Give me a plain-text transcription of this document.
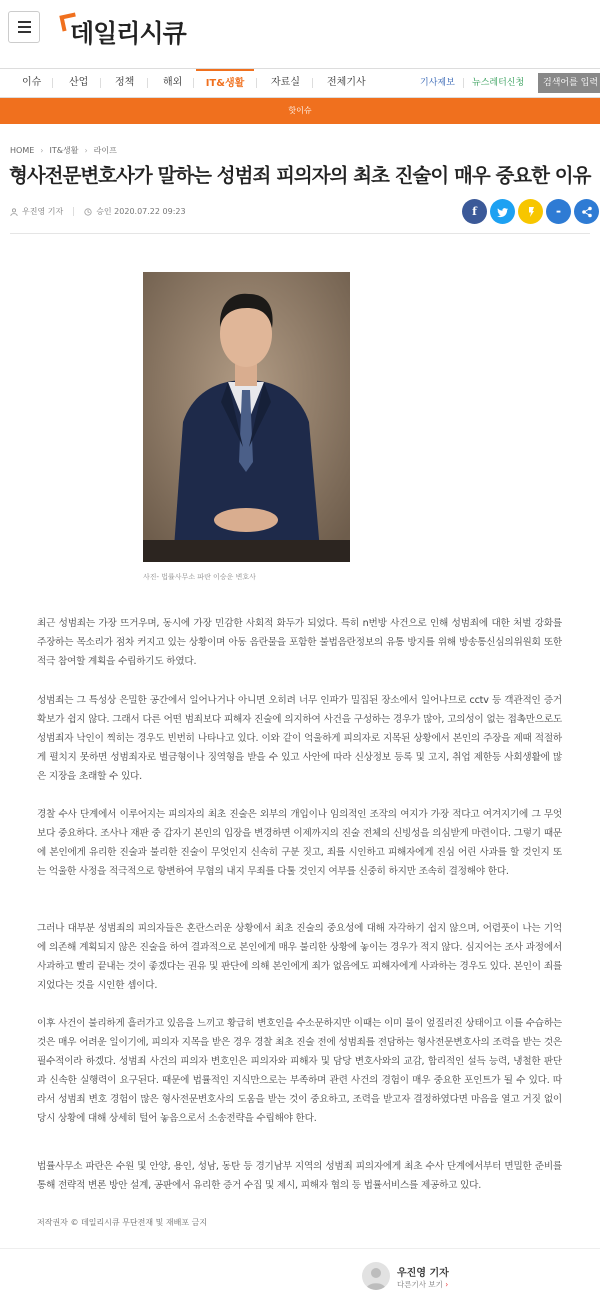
데일리시큐
이슈	산업	정책	해외	IT&생활	자료실	전체기사	기사제보 뉴스레터신청	검색어를 입력
핫이슈
HOME › IT&생활 › 라이프
형사전문변호사가 말하는 성범죄 피의자의 최초 진술이 매우 중요한 이유
우진영 기자	승인 2020.07.22 09:23	f	▬
사진- 법률사무소 파란 이승운 변호사

최근 성범죄는 가장 뜨거우며, 동시에 가장 민감한 사회적 화두가 되었다. 특히 n번방 사건으로 인해 성범죄에 대한 처벌 강화를 주장하는 목소리가 점차 커지고 있는 상황이며 아동 음란물을 포함한 불법음란정보의 유통 방지를 위해 방송통신심의위원회 또한 적극 참여할 계획을 수립하기도 하였다.

성범죄는 그 특성상 은밀한 공간에서 일어나거나 아니면 오히려 너무 인파가 밀집된 장소에서 일어나므로 cctv 등 객관적인 증거 확보가 쉽지 않다. 그래서 다른 어떤 범죄보다 피해자 진술에 의지하여 사건을 구성하는 경우가 많아, 고의성이 없는 접촉만으로도 성범죄자 낙인이 찍히는 경우도 빈번히 나타나고 있다. 이와 같이 억울하게 피의자로 지목된 상황에서 본인의 주장을 제때 적절하게 펼치지 못하면 성범죄자로 벌금형이나 징역형을 받을 수 있고 사안에 따라 신상정보 등록 및 고지, 취업 제한등 사회생활에 많은 지장을 초래할 수 있다.

경찰 수사 단계에서 이루어지는 피의자의 최초 진술은 외부의 개입이나 임의적인 조작의 여지가 가장 적다고 여겨지기에 그 무엇보다 중요하다. 조사나 재판 중 갑자기 본인의 입장을 변경하면 이제까지의 진술 전체의 신빙성을 의심받게 마련이다. 그렇기 때문에 본인에게 유리한 진술과 불리한 진술이 무엇인지 신속히 구분 짓고, 죄를 시인하고 피해자에게 진심 어린 사과를 할 것인지 또는 억울한 사정을 적극적으로 항변하여 무혐의 내지 무죄를 다툴 것인지 여부를 신중히 하지만 조속히 결정해야 한다.

그러나 대부분 성범죄의 피의자들은 혼란스러운 상황에서 최초 진술의 중요성에 대해 자각하기 쉽지 않으며, 어렴풋이 나는 기억에 의존해 계획되지 않은 진술을 하여 결과적으로 본인에게 매우 불리한 상황에 놓이는 경우가 적지 않다. 심지어는 조사 과정에서 사과하고 빨리 끝내는 것이 좋겠다는 권유 및 판단에 의해 본인에게 죄가 없음에도 피해자에게 사과하는 경우도 있다. 본인이 죄를 지었다는 것을 시인한 셈이다.

이후 사건이 불리하게 흘러가고 있음을 느끼고 황급히 변호인을 수소문하지만 이때는 이미 물이 엎질러진 상태이고 이를 수습하는 것은 매우 어려운 일이기에, 피의자 지목을 받은 경우 경찰 최초 진술 전에 성범죄를 전담하는 형사전문변호사의 조력을 받는 것은 필수적이라 하겠다. 성범죄 사건의 피의자 변호인은 피의자와 피해자 및 담당 변호사와의 교감, 합리적인 설득 능력, 냉철한 판단과 신속한 실행력이 요구된다. 때문에 법률적인 지식만으로는 부족하며 관련 사건의 경험이 매우 중요한 포인트가 될 수 있다. 따라서 성범죄 변호 경험이 많은 형사전문변호사의 도움을 받는 것이 중요하고, 조력을 받고자 결정하였다면 마음을 열고 거짓 없이 당시 상황에 대해 상세히 털어 놓음으로서 소송전략을 수립해야 한다.

법률사무소 파란은 수원 및 안양, 용인, 성남, 동탄 등 경기남부 지역의 성범죄 피의자에게 최초 수사 단계에서부터 면밀한 준비를 통해 전략적 변론 방안 설계, 공판에서 유리한 증거 수집 및 제시, 피해자 협의 등 법률서비스를 제공하고 있다.

저작권자 © 데일리시큐 무단전재 및 재배포 금지
우진영 기자
다른기사 보기 ›
